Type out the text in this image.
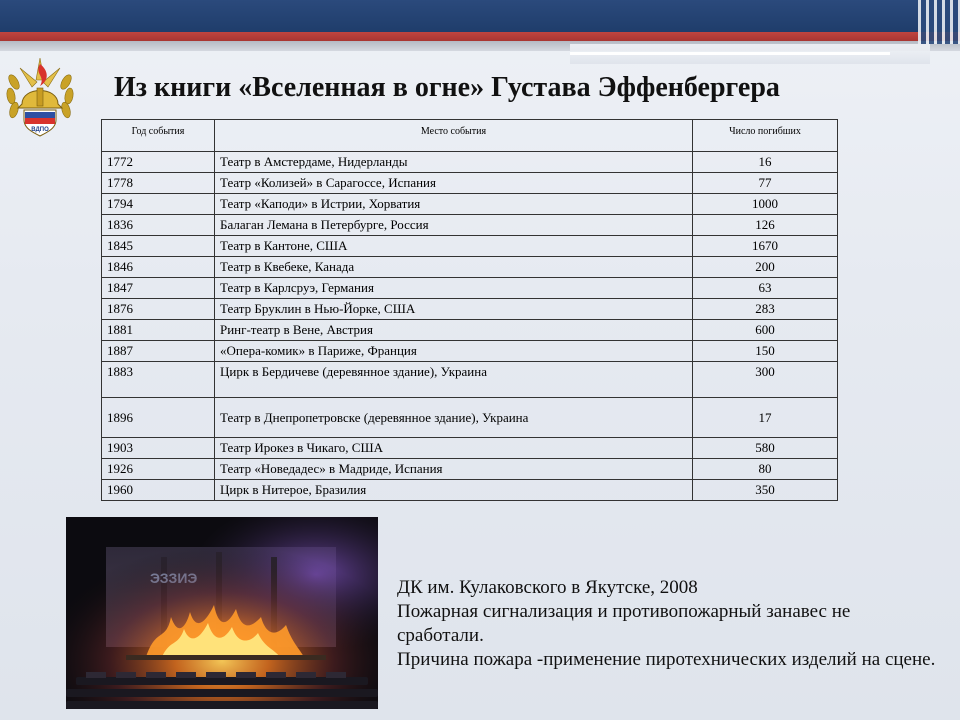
ВДПО
Из книги «Вселенная в огне» Густава Эффенбергера
Год события	Место события	Число погибших
1772	Театр в Амстердаме, Нидерланды	16
1778	Театр «Колизей» в Сарагоссе, Испания	77
1794	Театр «Каподи» в Истрии, Хорватия	1000
1836	Балаган Лемана в Петербурге, Россия	126
1845	Театр в Кантоне, США	1670
1846	Театр в Квебеке, Канада	200
1847	Театр в Карлсруэ, Германия	63
1876	Театр Бруклин в Нью-Йорке, США	283
1881	Ринг-театр в Вене, Австрия	600
1887	«Опера-комик» в Париже, Франция	150
1883	Цирк в Бердичеве (деревянное здание), Украина	300
1896	Театр в Днепропетровске (деревянное здание), Украина	17
1903	Театр Ирокез в Чикаго, США	580
1926	Театр «Новедадес» в Мадриде, Испания	80
1960	Цирк в Нитерое, Бразилия	350
ДК им. Кулаковского в Якутске, 2008
Пожарная сигнализация и противопожарный занавес не сработали.
Причина пожара -применение пиротехнических изделий на сцене.
